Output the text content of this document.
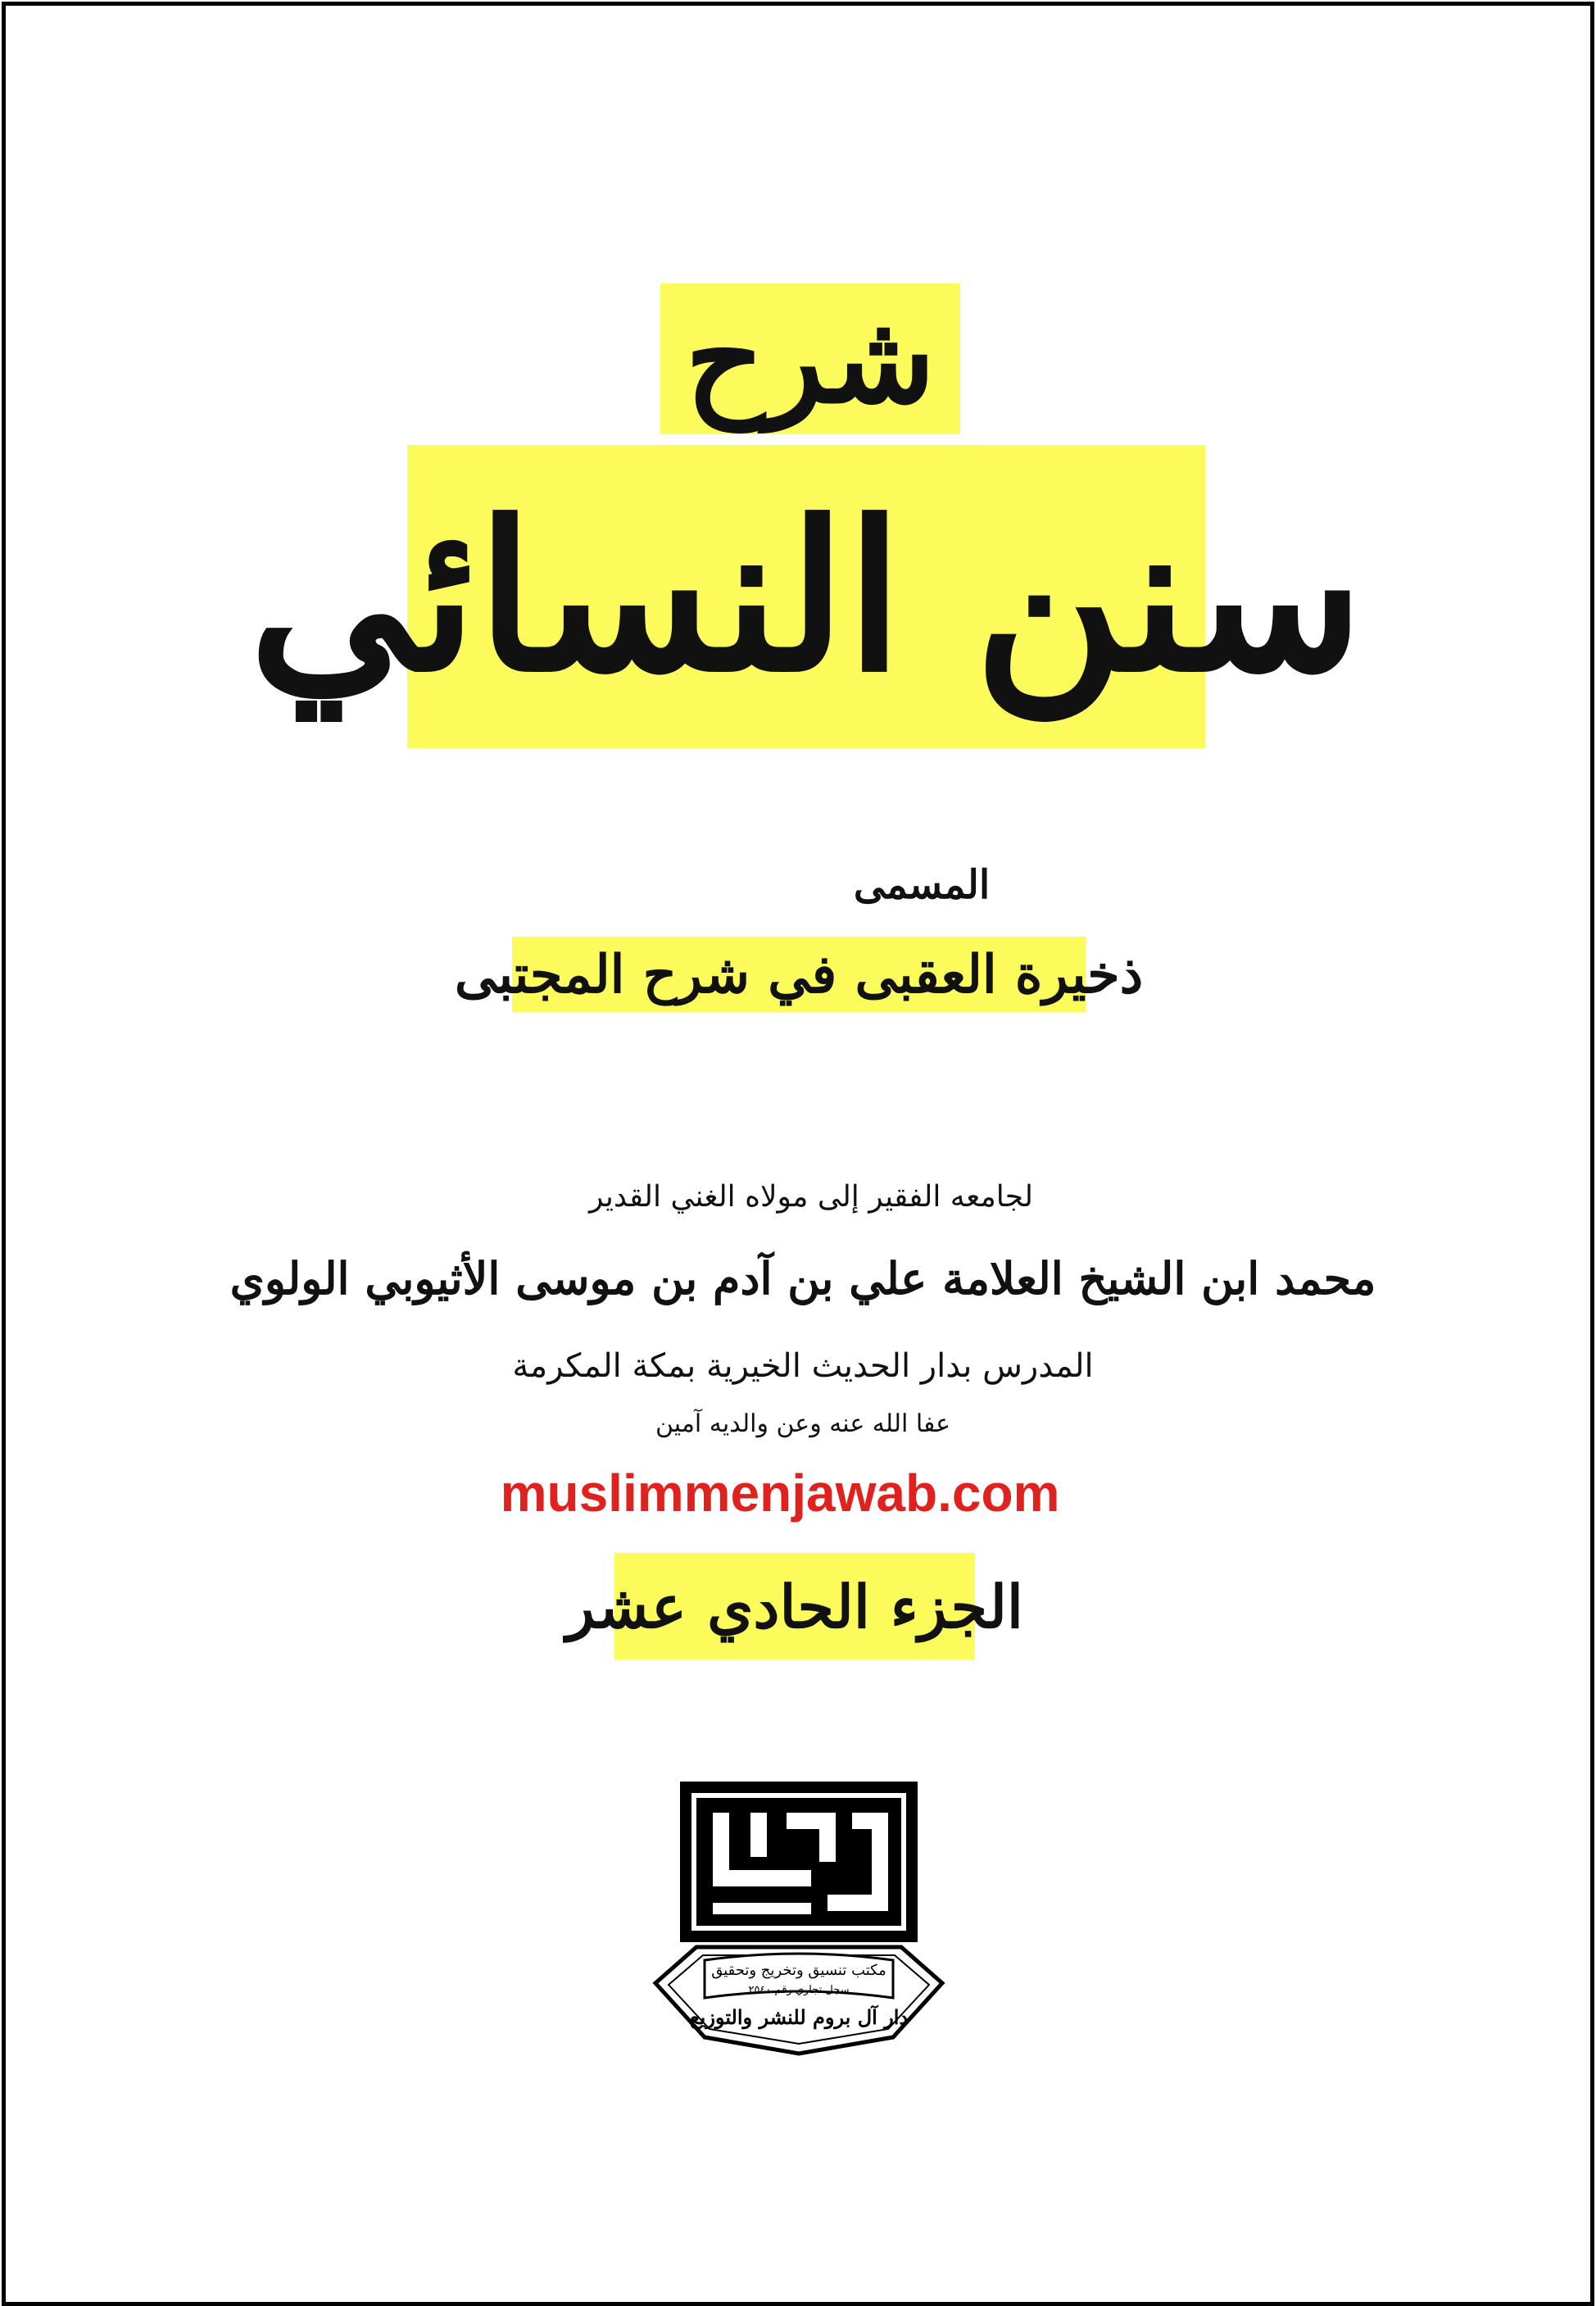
شرح
سنن النسائي
المسمى
ذخيرة العقبى في شرح المجتبى
لجامعه الفقير إلى مولاه الغني القدير
محمد ابن الشيخ العلامة علي بن آدم بن موسى الأثيوبي الولوي
المدرس بدار الحديث الخيرية بمكة المكرمة
عفا الله عنه وعن والديه آمين
muslimmenjawab.com
الجزء الحادي عشر
مكتب تنسيق وتخريج وتحقيق
سجل تجاري رقم ٢٥٤٠
دار آل بروم للنشر والتوزيع
